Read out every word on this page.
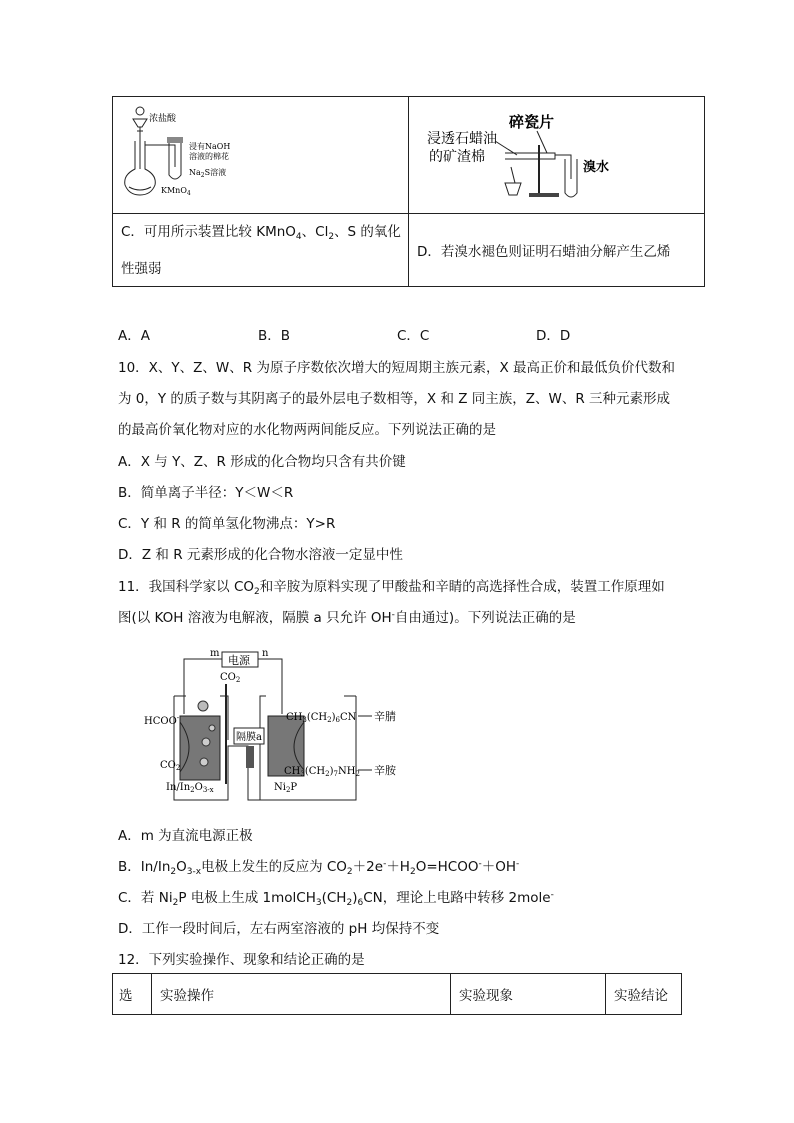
浓盐酸
浸有NaOH
溶液的棉花
$Na_2S$溶液
KMnO$_4$	碎瓷片
浸透石蜡油
的矿渣棉
溴水

C．可用所示装置比较 KMnO$_4$、$Cl_2$、S 的氧化
性强弱	D．若溴水褪色则证明石蜡油分解产生乙烯
A．A	B．B	C．C	D．D
10．X、Y、Z、W、R 为原子序数依次增大的短周期主族元素，X 最高正价和最低负价代数和
为 0，Y 的质子数与其阴离子的最外层电子数相等，X 和 Z 同主族，Z、W、R 三种元素形成
的最高价氧化物对应的水化物两两间能反应。下列说法正确的是
A．X 与 Y、Z、R 形成的化合物均只含有共价键
B．简单离子半径：Y＜W＜R
C．Y 和 R 的简单氢化物沸点：Y>R
D．Z 和 R 元素形成的化合物水溶液一定显中性
11．我国科学家以 $CO_2$和辛胺为原料实现了甲酸盐和辛睛的高选择性合成，装置工作原理如
图(以 KOH 溶液为电解液，隔膜 a 只允许 OH-自由通过)。下列说法正确的是
m	n
电源
$CO_2$
隔膜a
HCOO-
$CO_2$
$In/In_2O_{3-x}$
$CH_3(CH_2)_6CN$ 辛腈
$CH_3(CH_2)_7NH_2$ 辛胺
$Ni_2P$
A．m 为直流电源正极
B．$In/In_2O_{3-x}$电极上发生的反应为 $CO_2+2e^-+H_2O=HCOO^-+OH^-$
C．若 $Ni_2P$ 电极上生成 $1molCH_3(CH_2)_6CN$，理论上电路中转移 2mole-
D．工作一段时间后，左右两室溶液的 pH 均保持不变
12．下列实验操作、现象和结论正确的是
选	实验操作	实验现象	实验结论
